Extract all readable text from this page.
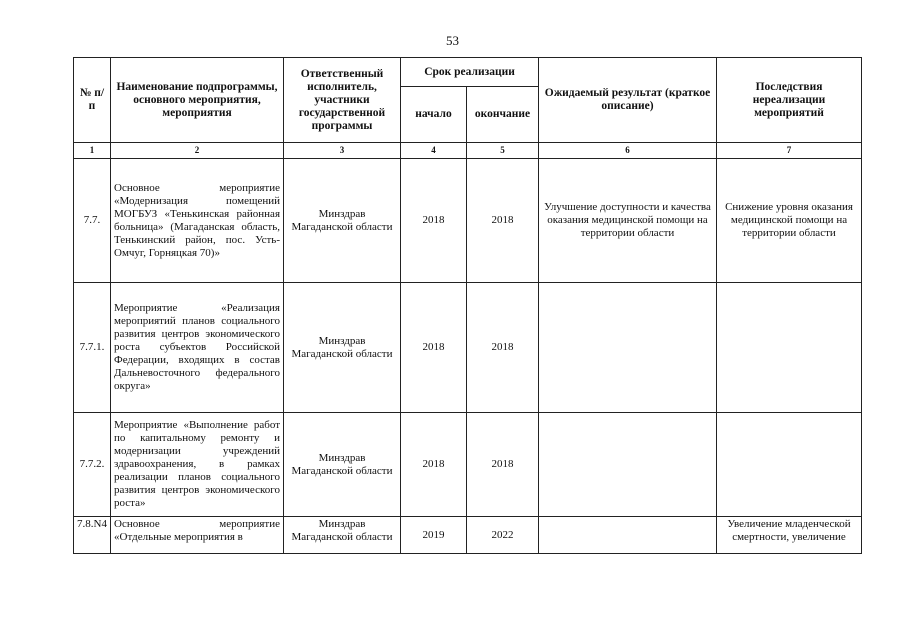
53
№ п/п	Наименование подпрограммы, основного мероприятия, мероприятия	Ответственный исполнитель, участники государственной программы	Срок реализации		Ожидаемый результат (краткое описание)	Последствия нереализации мероприятий
			начало	окончание		
1	2	3	4	5	6	7
7.7.	Основное мероприятие «Модернизация помещений МОГБУЗ «Тенькинская районная больница» (Магаданская область, Тенькинский район, пос. Усть-Омчуг, Горняцкая 70)»	Минздрав Магаданской области	2018	2018	Улучшение доступности и качества оказания медицинской помощи на территории области	Снижение уровня оказания медицинской помощи на территории области
7.7.1.	Мероприятие «Реализация мероприятий планов социального развития центров экономического роста субъектов Российской Федерации, входящих в состав Дальневосточного федерального округа»	Минздрав Магаданской области	2018	2018		
7.7.2.	Мероприятие «Выполнение работ по капитальному ремонту и модернизации учреждений здравоохранения, в рамках реализации планов социального развития центров экономического роста»	Минздрав Магаданской области	2018	2018		
7.8.N4	Основное мероприятие «Отдельные мероприятия в	Минздрав Магаданской области	2019	2022		Увеличение младенческой смертности, увеличение
